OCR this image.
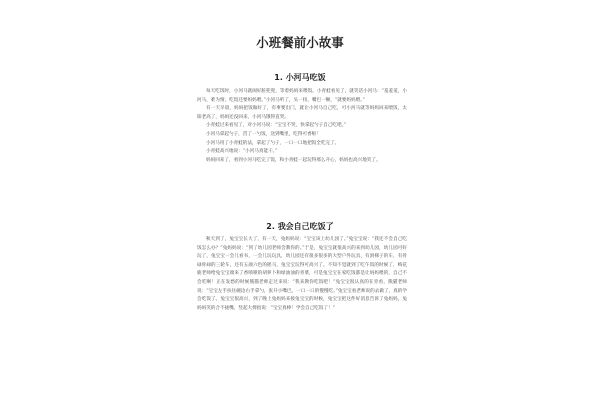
小班餐前小故事
1. 小河马吃饭

每天吃饭时，小河马就闹好脏兜兜，等着妈妈来喂饭。小青蛙看见了，就笑话小河马：“羞羞羞，小河马，难为情，吃饭还要妈妈喂。”小河马听了，头一扭，嘴巴一噘，“就要妈妈喂。”

有一天早晨，妈妈把饭做好了，有事要出门，就让小河马自己吃，可小河马就等妈妈回来喂饭，太阳老高了，妈妈还没回来，小河马饿得直哭。

小青蛙过来看见了，对小河马说：“宝宝不哭，快拿起勺子自己吃吧。”

小河马拿起勺子，舀了一勺饭，送到嘴里，吃得可香啦！

小河马用了小青蛙的法，拿起了勺子，一口一口地把饭全吃完了。

小青蛙高兴地说：“小河马真能干。”

妈妈回来了，看到小河马吃完了饭，和小青蛙一起玩得那么开心，妈妈也高兴地笑了。

2. 我会自己吃饭了

秋天到了，兔宝宝长大了，有一天，兔妈妈说：“宝宝该上幼儿园了。”兔宝宝说：“我还不会自己吃饭怎么办？”兔妈妈说：“到了幼儿园老师会教你的。”于是，兔宝宝就很高兴的来到幼儿园，幼儿园可好玩了，兔宝宝一会儿看书，一会儿玩玩具，幼儿园还有很多很多的大型户外玩具，有滑梯子的车，有骨碌骨碌的三轮车，还有五颜六色的摇马，兔宝宝玩得可高兴了。不知不觉就到了吃午饭的时候了，梅花鹿老师给兔宝宝端来了香喷喷的胡萝卜和绿油油的青菜，可是兔宝宝在家吃饭都是让妈妈喂的，自己不会吃啊！正在发愁的时候熊猫老师走过来说：“我来教你吃饭吧！”兔宝宝很认真的在旁看，熊猫老师说：“宝宝左手扶住碗边右手拿勺，张开小嘴巴，一口一口的慢慢吃。”兔宝宝看老师说的去做了，真的学会吃饭了。兔宝宝很高兴，到了晚上兔妈妈来接兔宝宝的时候，兔宝宝把这件好消息告诉了兔妈妈，兔妈妈笑的合不拢嘴，竖起大拇指说：“宝宝真棒！学会自己吃饭了！”
